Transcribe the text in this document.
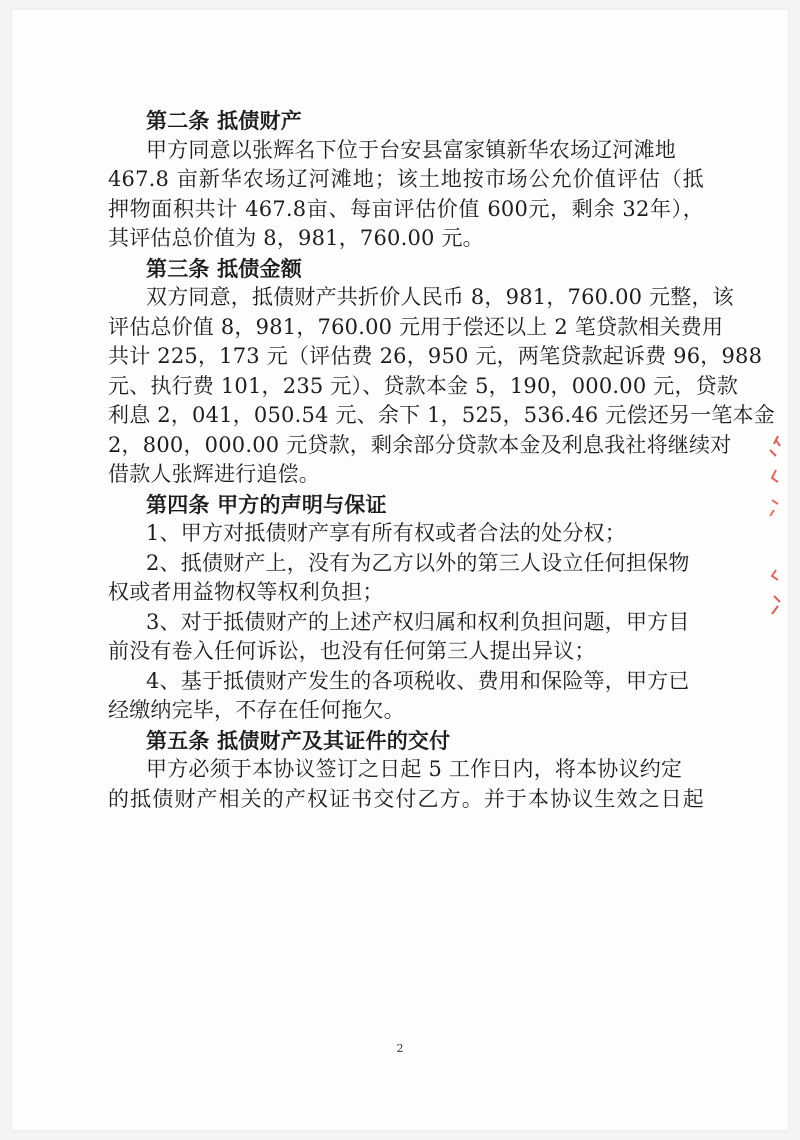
第二条 抵债财产
甲方同意以张辉名下位于台安县富家镇新华农场辽河滩地
467.8 亩新华农场辽河滩地；该土地按市场公允价值评估（抵
押物面积共计 467.8亩、每亩评估价值 600元，剩余 32年），
其评估总价值为 8，981，760.00 元。
第三条 抵债金额
双方同意，抵债财产共折价人民币 8，981，760.00 元整，该
评估总价值 8，981，760.00 元用于偿还以上 2 笔贷款相关费用
共计 225，173 元（评估费 26，950 元，两笔贷款起诉费 96，988
元、执行费 101，235 元）、贷款本金 5，190，000.00 元，贷款
利息 2，041，050.54 元、余下 1，525，536.46 元偿还另一笔本金
2，800，000.00 元贷款，剩余部分贷款本金及利息我社将继续对
借款人张辉进行追偿。
第四条 甲方的声明与保证
1、甲方对抵债财产享有所有权或者合法的处分权；
2、抵债财产上，没有为乙方以外的第三人设立任何担保物
权或者用益物权等权利负担；
3、对于抵债财产的上述产权归属和权利负担问题，甲方目
前没有卷入任何诉讼，也没有任何第三人提出异议；
4、基于抵债财产发生的各项税收、费用和保险等，甲方已
经缴纳完毕，不存在任何拖欠。
第五条 抵债财产及其证件的交付
甲方必须于本协议签订之日起 5 工作日内，将本协议约定
的抵债财产相关的产权证书交付乙方。并于本协议生效之日起
2
